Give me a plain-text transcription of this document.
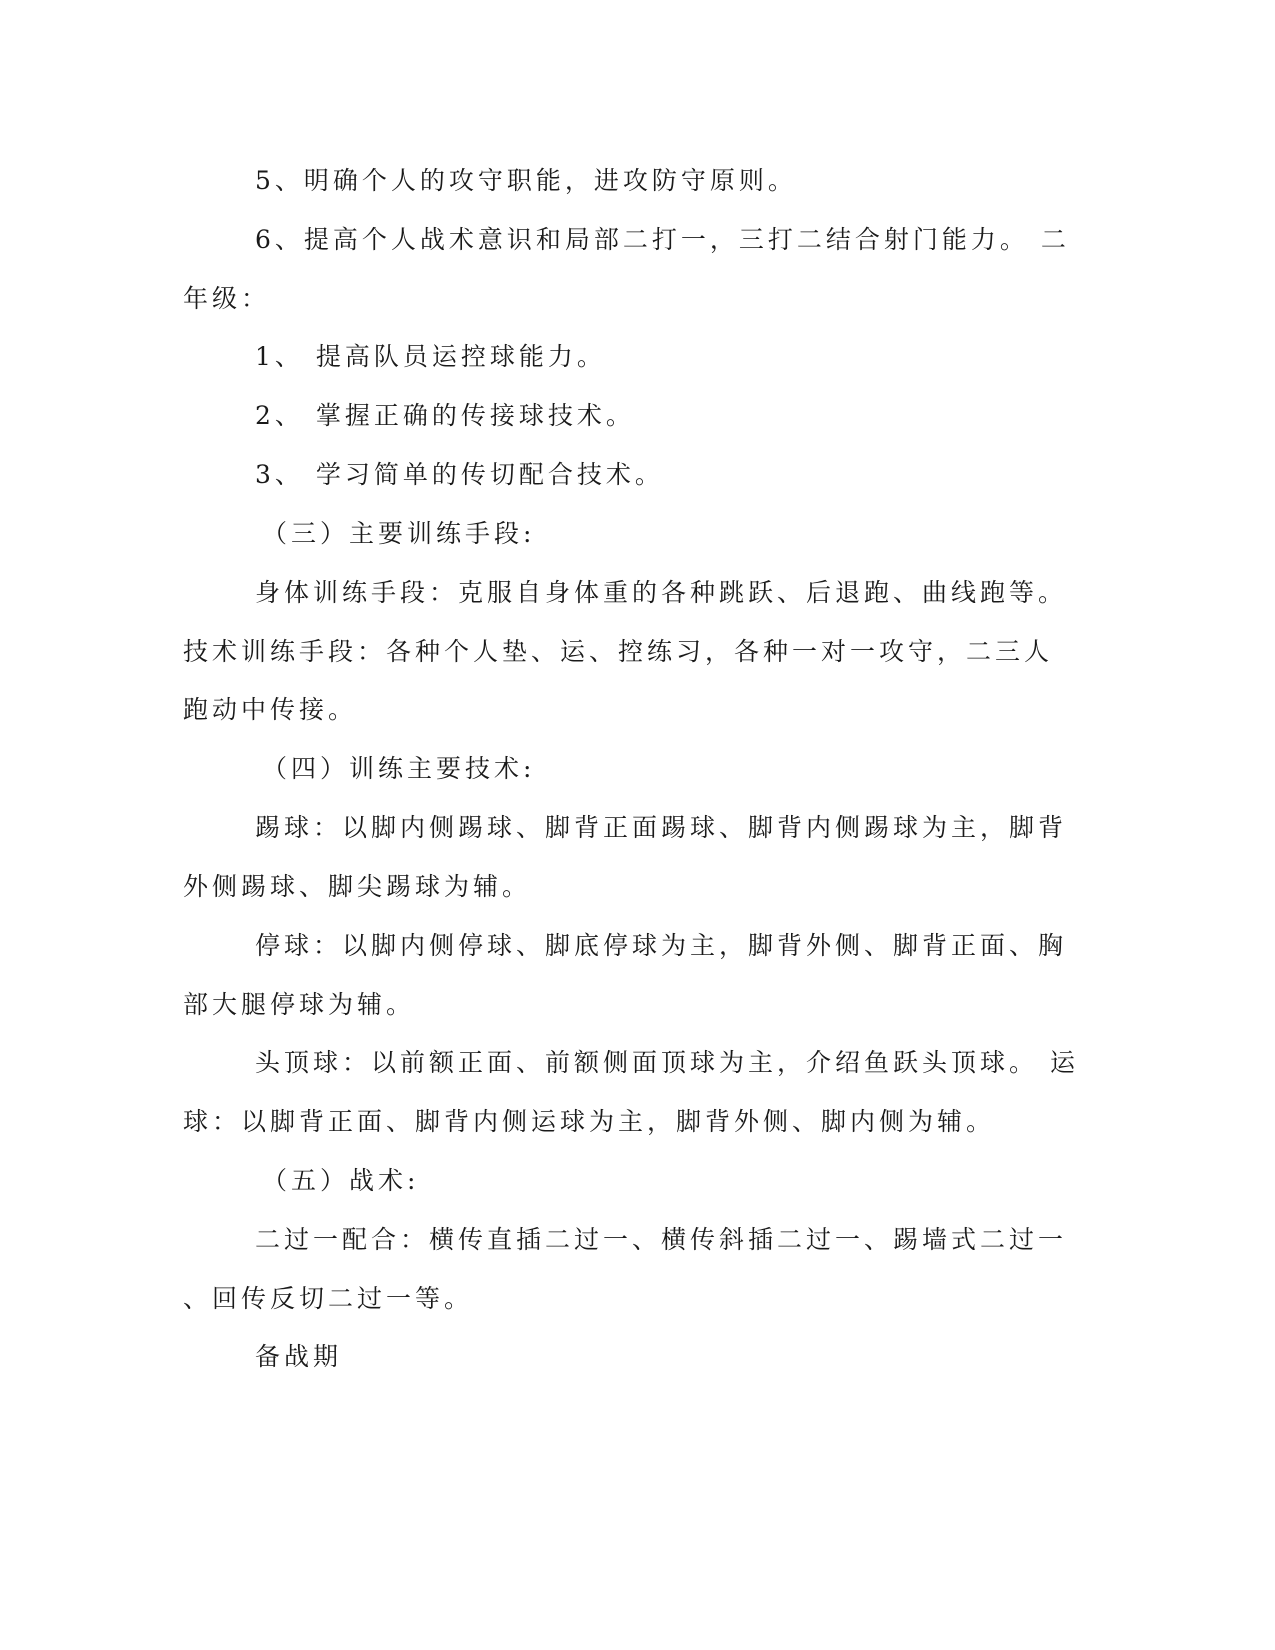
5、明确个人的攻守职能，进攻防守原则。
6、提高个人战术意识和局部二打一，三打二结合射门能力。 二
年级：
1、 提高队员运控球能力。
2、 掌握正确的传接球技术。
3、 学习简单的传切配合技术。
（三）主要训练手段:
身体训练手段：克服自身体重的各种跳跃、后退跑、曲线跑等。
技术训练手段：各种个人垫、运、控练习，各种一对一攻守，二三人
跑动中传接。
（四）训练主要技术:
踢球：以脚内侧踢球、脚背正面踢球、脚背内侧踢球为主，脚背
外侧踢球、脚尖踢球为辅。
停球：以脚内侧停球、脚底停球为主，脚背外侧、脚背正面、胸
部大腿停球为辅。
头顶球：以前额正面、前额侧面顶球为主，介绍鱼跃头顶球。 运
球：以脚背正面、脚背内侧运球为主，脚背外侧、脚内侧为辅。
（五）战术:
二过一配合：横传直插二过一、横传斜插二过一、踢墙式二过一
、回传反切二过一等。
备战期
